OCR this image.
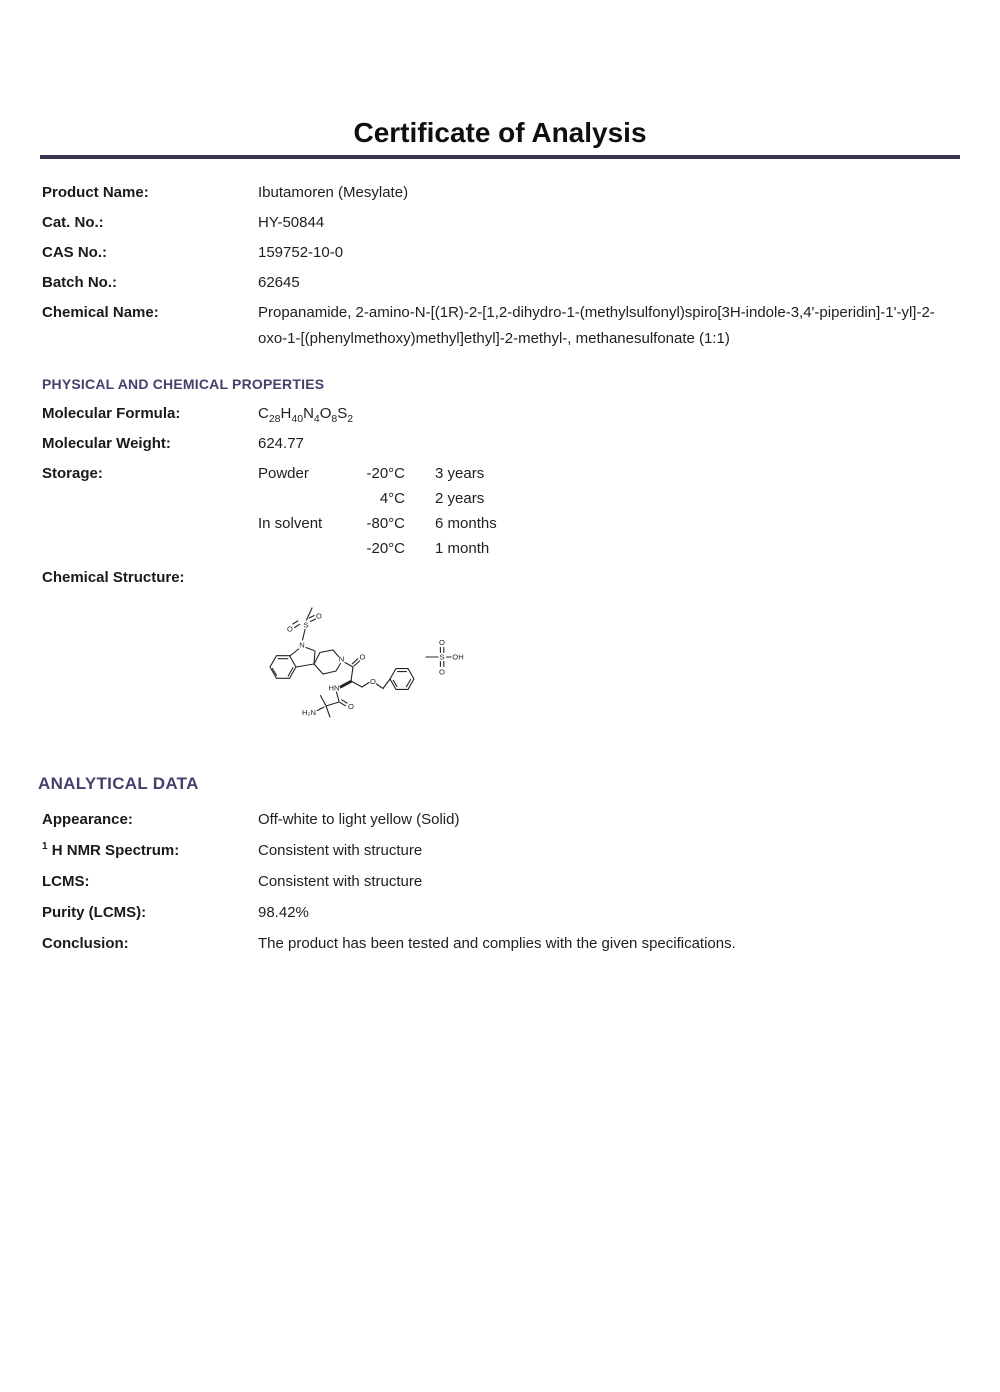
Certificate of Analysis
Product Name:	Ibutamoren (Mesylate)
Cat. No.:	HY-50844
CAS No.:	159752-10-0
Batch No.:	62645
Chemical Name:	Propanamide, 2-amino-N-[(1R)-2-[1,2-dihydro-1-(methylsulfonyl)spiro[3H-indole-3,4'-piperidin]-1'-yl]-2-oxo-1-[(phenylmethoxy)methyl]ethyl]-2-methyl-, methanesulfonate (1:1)
PHYSICAL AND CHEMICAL PROPERTIES
Molecular Formula:	$C_{28}H_{40}N_4O_8S_2$
Molecular Weight:	624.77
Storage:	Powder	-20°C 3 years
4°C 2 years
In solvent	-80°C 6 months
-20°C 1 month
Chemical Structure:
O S
O
N
N O
HN
O
O
H₂N
O
S OH
O
ANALYTICAL DATA
Appearance:	Off-white to light yellow (Solid)
$^1$ H NMR Spectrum:	Consistent with structure
LCMS:	Consistent with structure
Purity (LCMS):	98.42%
Conclusion:	The product has been tested and complies with the given specifications.
